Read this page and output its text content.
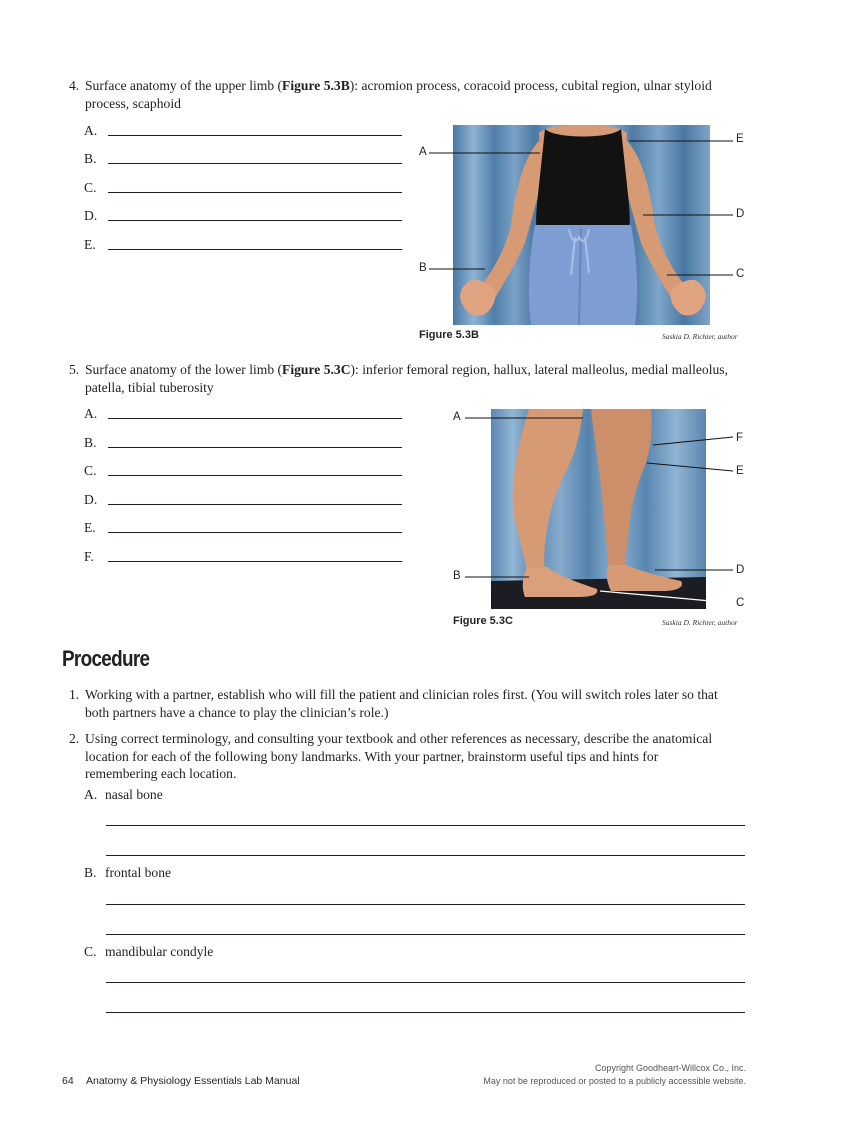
4. Surface anatomy of the upper limb (Figure 5.3B): acromion process, coracoid process, cubital region, ulnar styloid process, scaphoid
A.
B.
C.
D.
E.
A
B	C
D
E
Figure 5.3B	Saskia D. Richter, author
5. Surface anatomy of the lower limb (Figure 5.3C): inferior femoral region, hallux, lateral malleolus, medial malleolus, patella, tibial tuberosity
A.
B.
C.
D.
E.
F.
A
B
C
D
E
F
Figure 5.3C	Saskia D. Richter, author
Procedure
1. Working with a partner, establish who will fill the patient and clinician roles first. (You will switch roles later so that both partners have a chance to play the clinician’s role.)
2. Using correct terminology, and consulting your textbook and other references as necessary, describe the anatomical location for each of the following bony landmarks. With your partner, brainstorm useful tips and hints for remembering each location.
A. nasal bone
B. frontal bone
C. mandibular condyle
64 Anatomy & Physiology Essentials Lab Manual
Copyright Goodheart-Willcox Co., Inc.
May not be reproduced or posted to a publicly accessible website.
